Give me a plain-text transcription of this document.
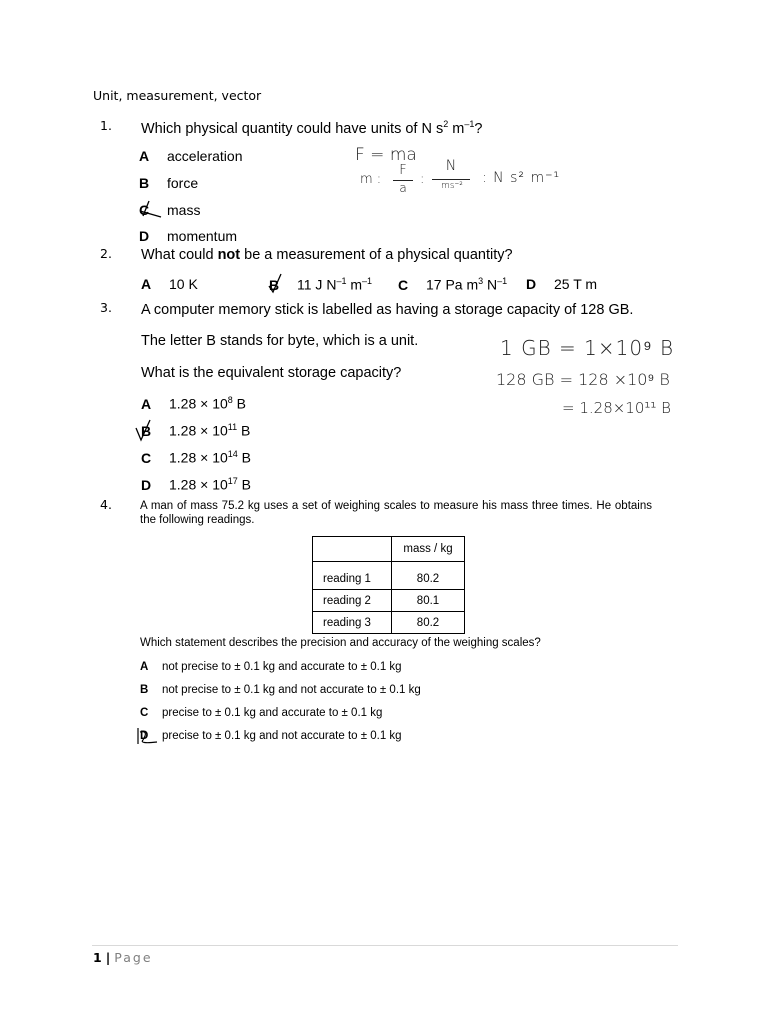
Unit, measurement, vector
1. Which physical quantity could have units of N $s^2$ $m^{-1}$?
A acceleration
B force
C mass
D momentum
F = ma
m :
F
a
:
N
ms⁻²	: N s² m⁻¹
2. What could not be a measurement of a physical quantity?
A 10 K	B 11 J $N^{-1}$ $m^{-1}$ C 17 Pa $m^3$ $N^{-1}$ D 25 T m
3. A computer memory stick is labelled as having a storage capacity of 128 GB.
The letter B stands for byte, which is a unit.
What is the equivalent storage capacity?
A $1.28 \times 10^8$ B
B $1.28 \times 10^{11}$ B
C $1.28 \times 10^{14}$ B
D $1.28 \times 10^{17}$ B
1 GB = 1×10⁹ B
128 GB = 128 ×10⁹ B
= 1.28×10¹¹ B
4. A man of mass 75.2 kg uses a set of weighing scales to measure his mass three times. He obtains the following readings.
	mass / kg
reading 1	80.2
reading 2	80.1
reading 3	80.2
Which statement describes the precision and accuracy of the weighing scales?
A not precise to ± 0.1 kg and accurate to ± 0.1 kg
B not precise to ± 0.1 kg and not accurate to ± 0.1 kg
C precise to ± 0.1 kg and accurate to ± 0.1 kg
D precise to ± 0.1 kg and not accurate to ± 0.1 kg
1 | Page
